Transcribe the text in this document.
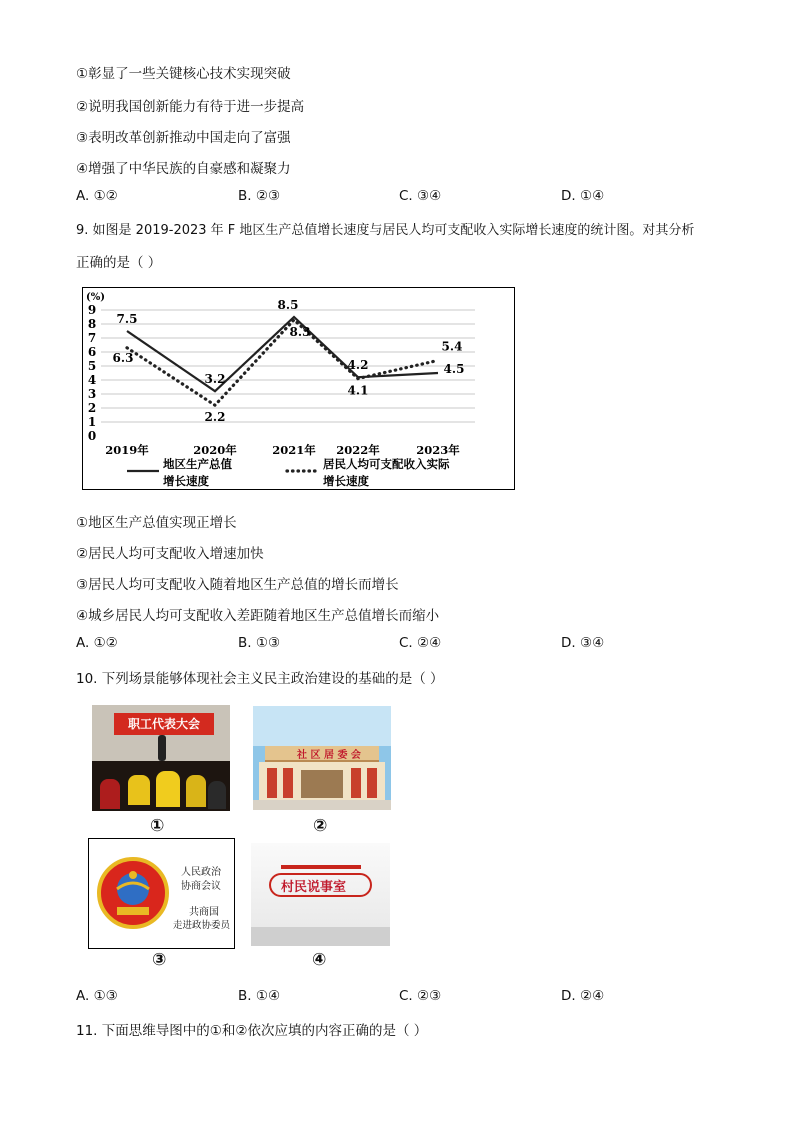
①彰显了一些关键核心技术实现突破
②说明我国创新能力有待于进一步提高
③表明改革创新推动中国走向了富强
④增强了中华民族的自豪感和凝聚力
A. ①②	B. ②③	C. ③④	D. ①④
9. 如图是 2019-2023 年 F 地区生产总值增长速度与居民人均可支配收入实际增长速度的统计图。对其分析
正确的是（ ）
0
1
2
3
4
5
6
7
8
9
2019年	2020年	2021年 2022年	2023年
7.5
3.2
8.5
4.2	4.5
6.3
2.2
8.3
4.1
5.4
地区生产总值
增长速度
居民人均可支配收入实际
增长速度
(%)
①地区生产总值实现正增长
②居民人均可支配收入增速加快
③居民人均可支配收入随着地区生产总值的增长而增长
④城乡居民人均可支配收入差距随着地区生产总值增长而缩小
A. ①②	B. ①③	C. ②④	D. ③④
10. 下列场景能够体现社会主义民主政治建设的基础的是（ ）
职工代表大会
社 区 居 委 会
①	②
人民政治
协商会议
共商国
走进政协委员
村民说事室
③	④
A. ①③	B. ①④	C. ②③	D. ②④
11. 下面思维导图中的①和②依次应填的内容正确的是（ ）
